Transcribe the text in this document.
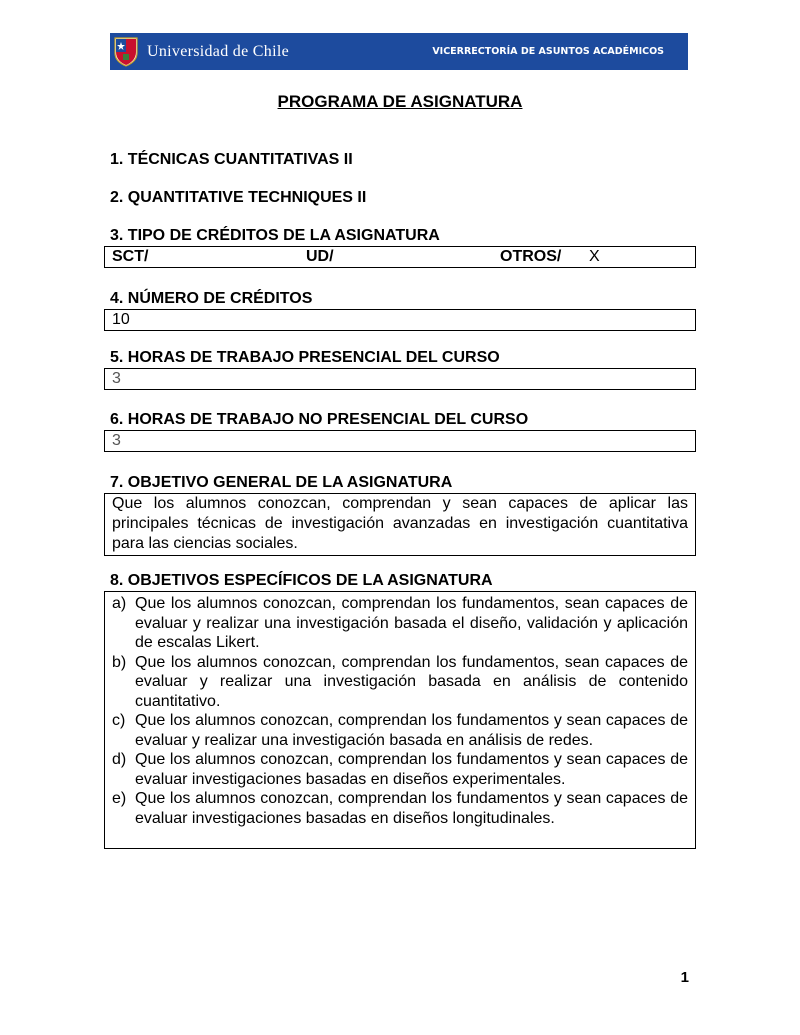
Universidad de Chile	VICERRECTORÍA DE ASUNTOS ACADÉMICOS
PROGRAMA DE ASIGNATURA
1. TÉCNICAS CUANTITATIVAS II
2. QUANTITATIVE TECHNIQUES II
3. TIPO DE CRÉDITOS DE LA ASIGNATURA
SCT/	UD/	OTROS/ X
4. NÚMERO DE CRÉDITOS
10
5. HORAS DE TRABAJO PRESENCIAL DEL CURSO
3
6. HORAS DE TRABAJO NO PRESENCIAL DEL CURSO
3
7. OBJETIVO GENERAL DE LA ASIGNATURA
Que los alumnos conozcan, comprendan y sean capaces de aplicar las principales técnicas de investigación avanzadas en investigación cuantitativa para las ciencias sociales.
8. OBJETIVOS ESPECÍFICOS DE LA ASIGNATURA
a) Que los alumnos conozcan, comprendan los fundamentos, sean capaces de evaluar y realizar una investigación basada el diseño, validación y aplicación de escalas Likert.
b) Que los alumnos conozcan, comprendan los fundamentos, sean capaces de evaluar y realizar una investigación basada en análisis de contenido cuantitativo.
c) Que los alumnos conozcan, comprendan los fundamentos y sean capaces de evaluar y realizar una investigación basada en análisis de redes.
d) Que los alumnos conozcan, comprendan los fundamentos y sean capaces de evaluar investigaciones basadas en diseños experimentales.
e) Que los alumnos conozcan, comprendan los fundamentos y sean capaces de evaluar investigaciones basadas en diseños longitudinales.
1
